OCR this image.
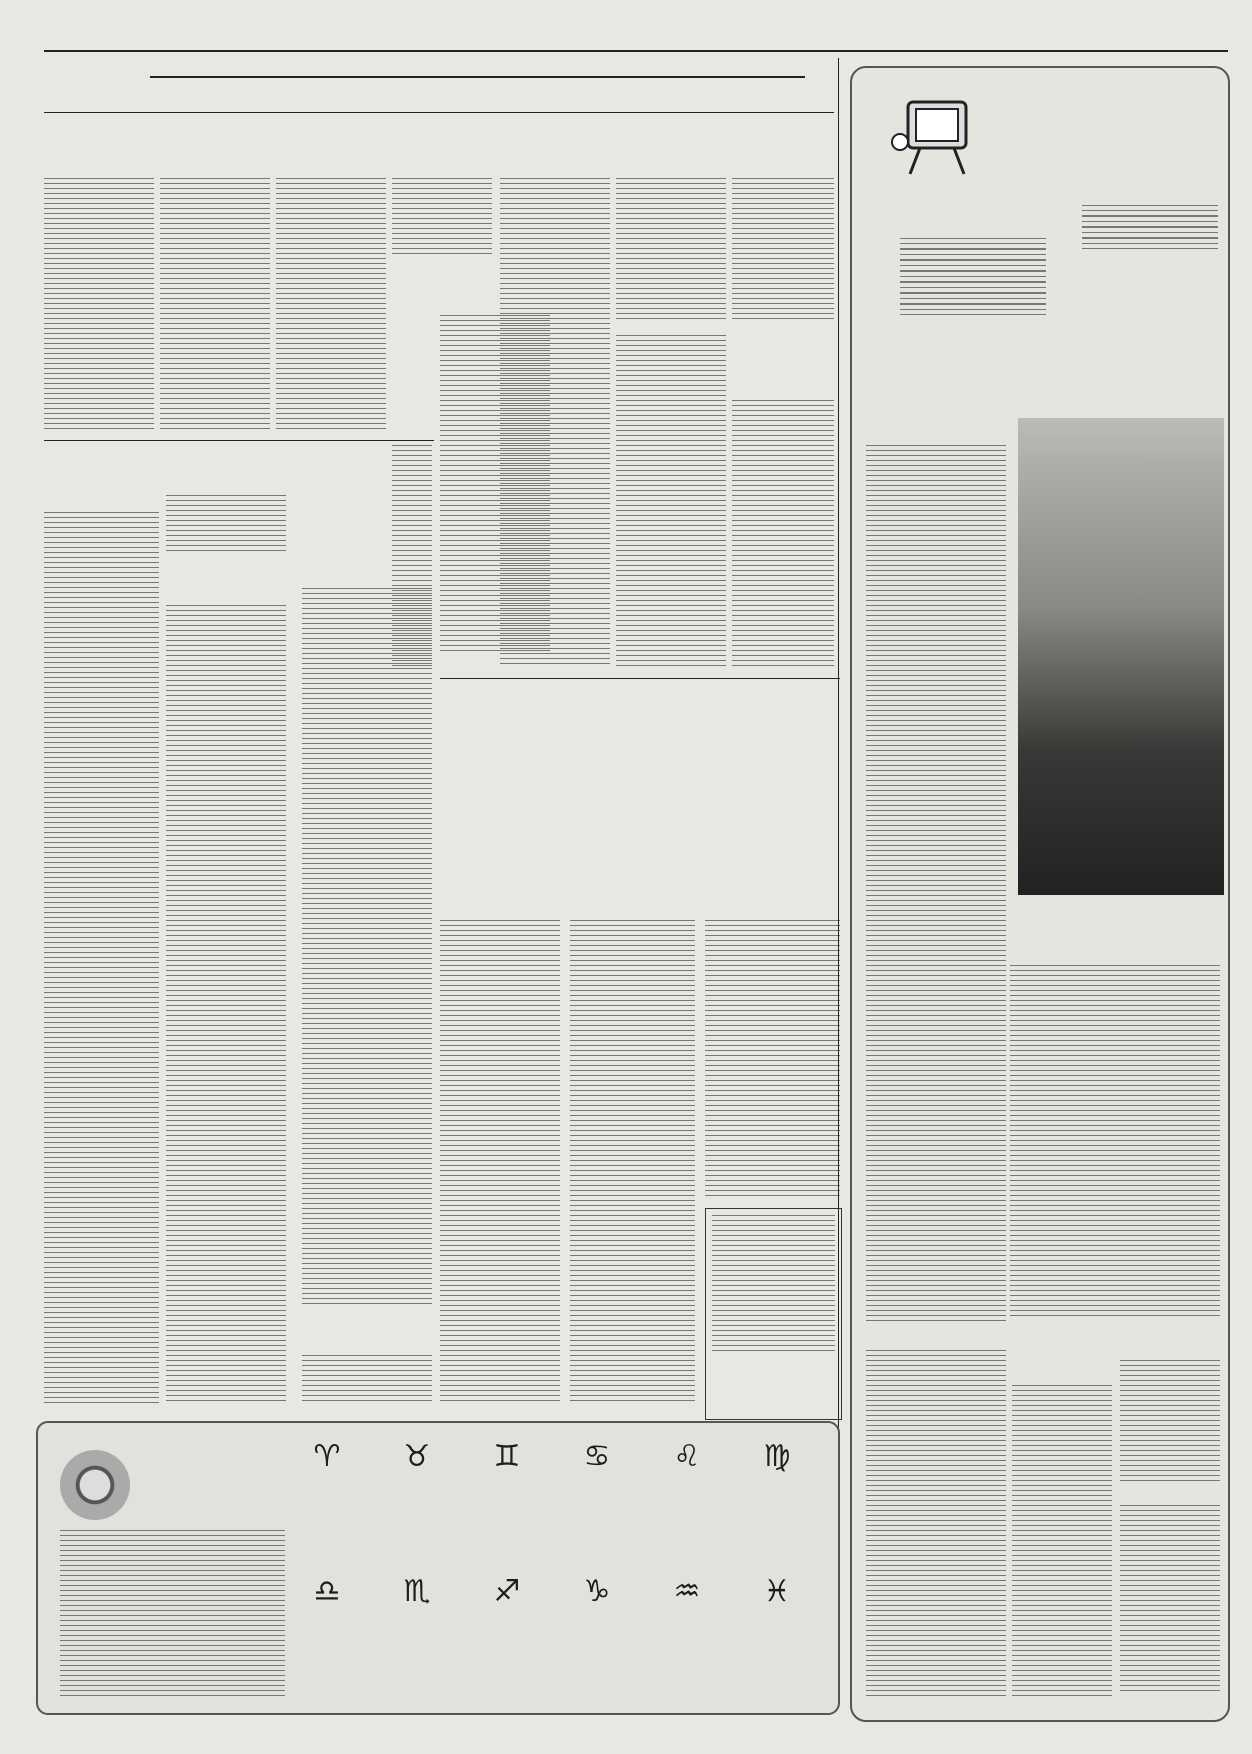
♈ ♉ ♊ ♋ ♌ ♍
♎ ♏ ♐ ♑ ♒ ♓
